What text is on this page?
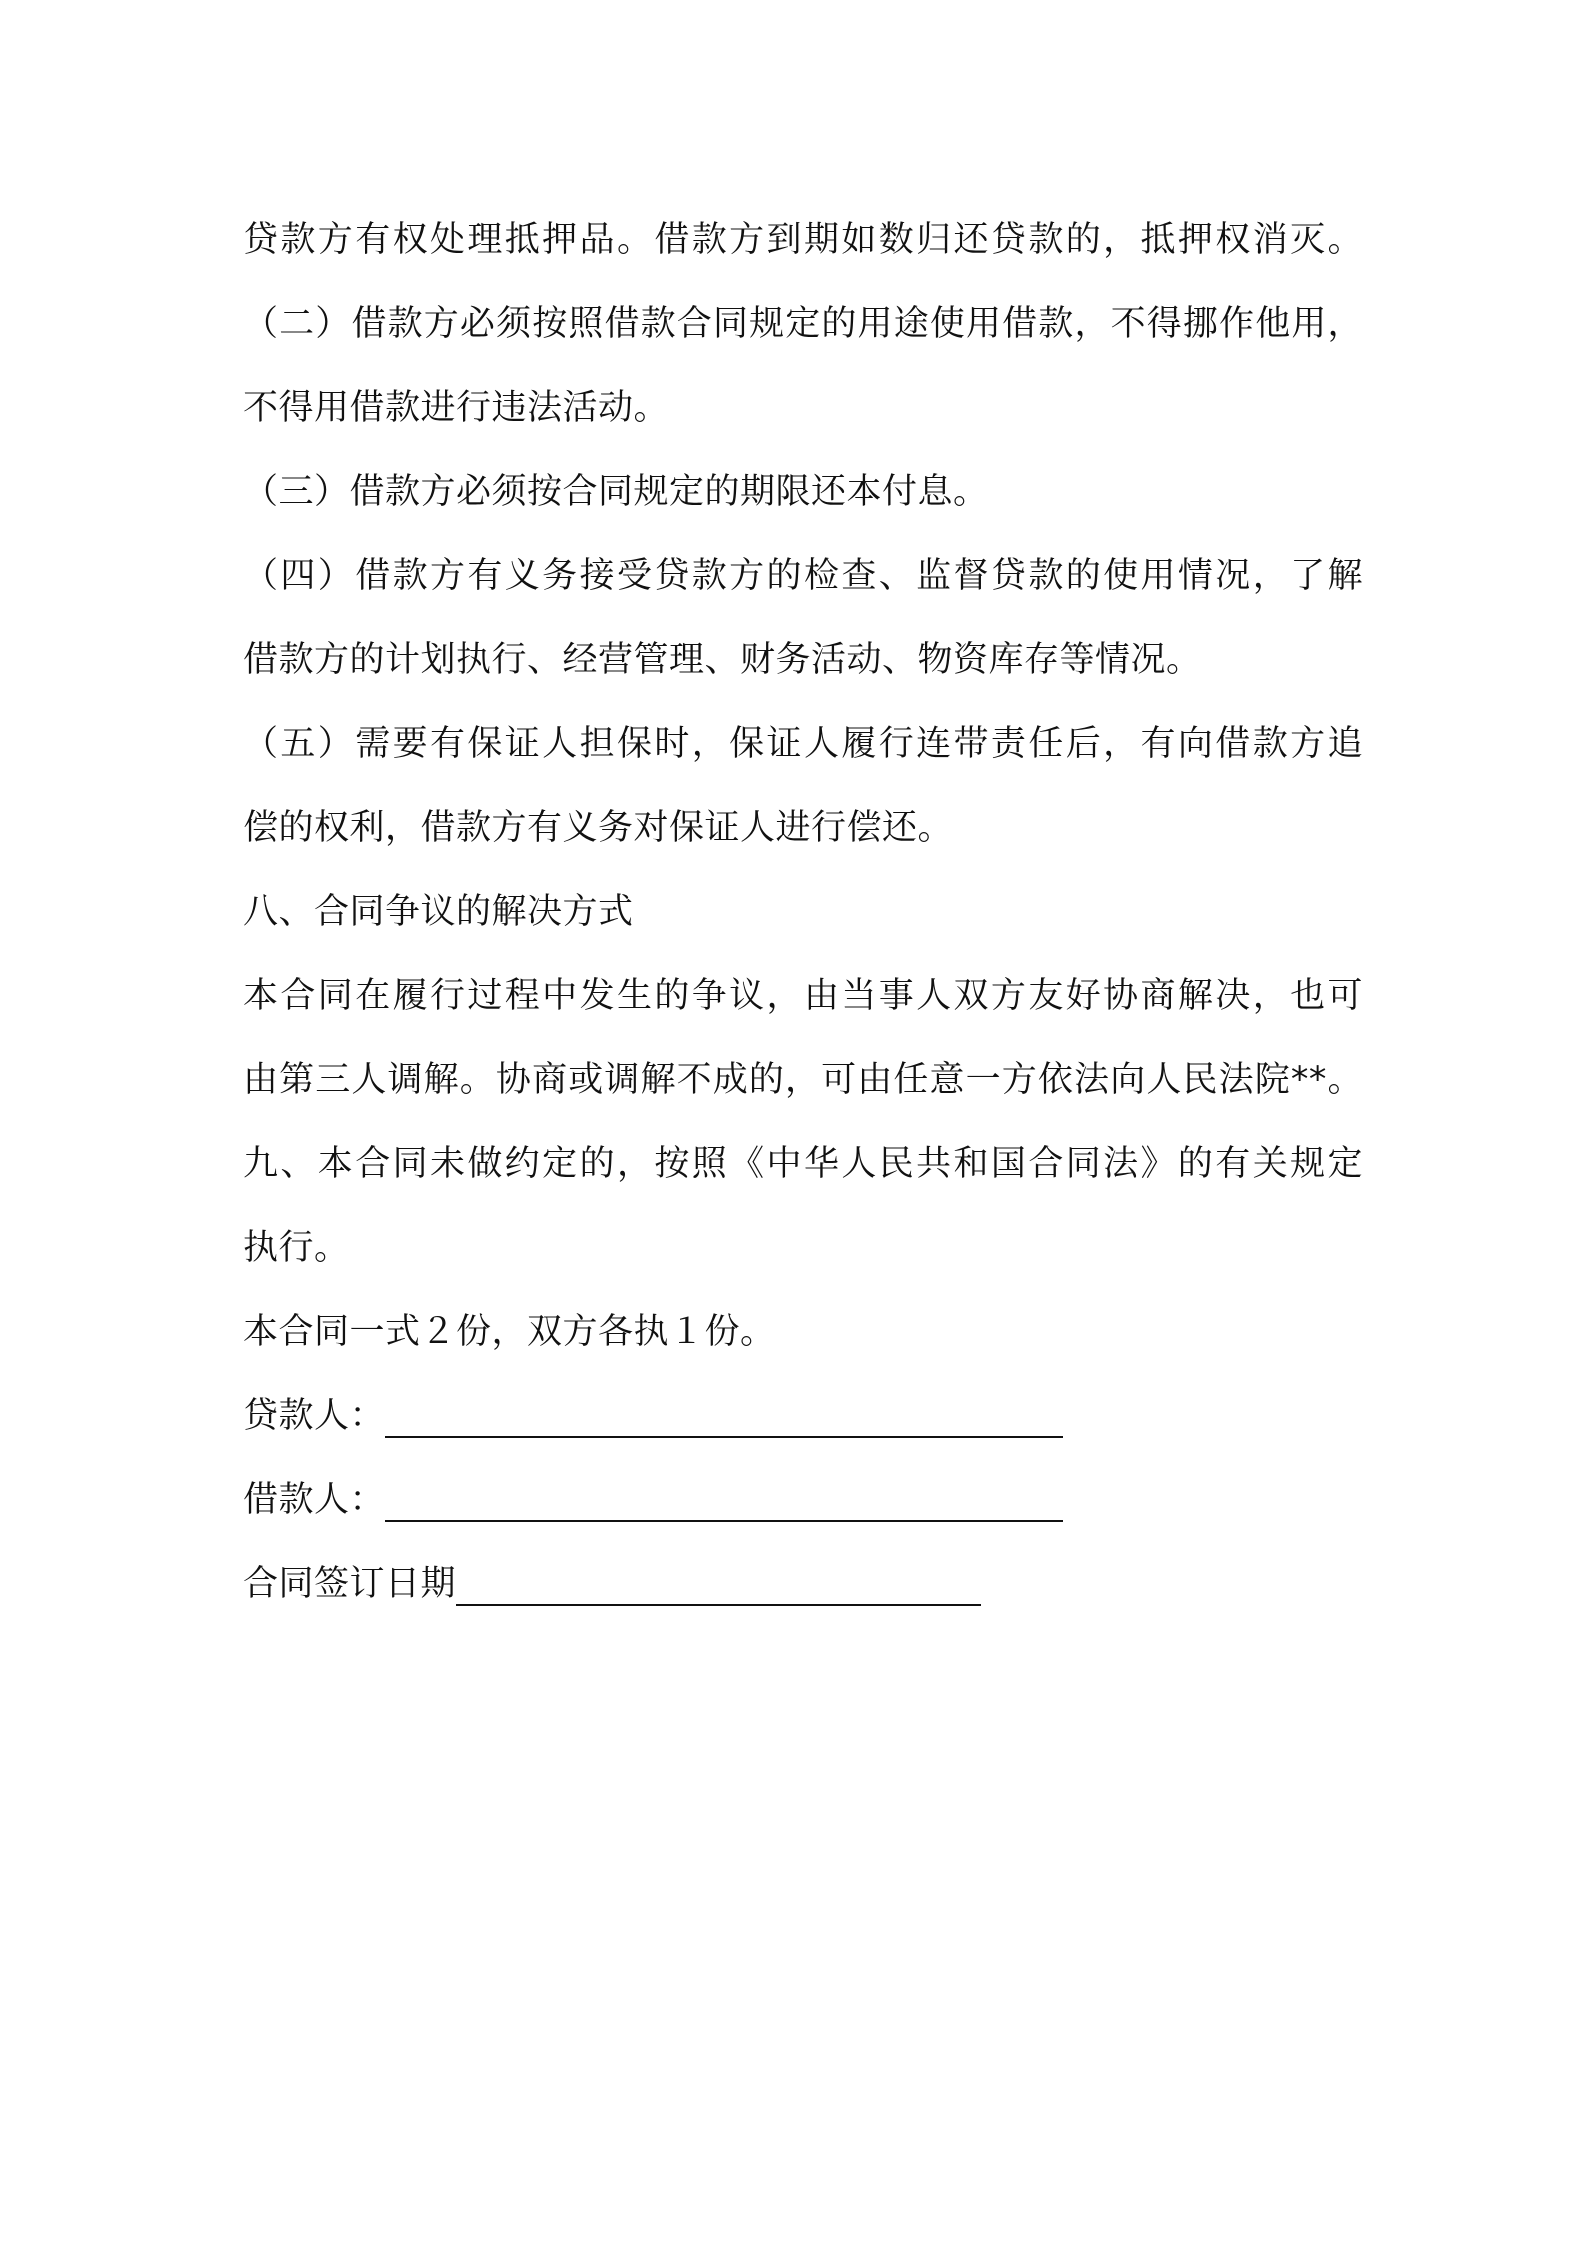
贷款方有权处理抵押品。借款方到期如数归还贷款的，抵押权消灭。
（二）借款方必须按照借款合同规定的用途使用借款，不得挪作他用，
不得用借款进行违法活动。
（三）借款方必须按合同规定的期限还本付息。
（四）借款方有义务接受贷款方的检查、监督贷款的使用情况，了解
借款方的计划执行、经营管理、财务活动、物资库存等情况。
（五）需要有保证人担保时，保证人履行连带责任后，有向借款方追
偿的权利，借款方有义务对保证人进行偿还。
八、合同争议的解决方式
本合同在履行过程中发生的争议，由当事人双方友好协商解决，也可
由第三人调解。协商或调解不成的，可由任意一方依法向人民法院**。
九、本合同未做约定的，按照《中华人民共和国合同法》的有关规定
执行。
本合同一式２份，双方各执１份。
贷款人：
借款人：
合同签订日期
